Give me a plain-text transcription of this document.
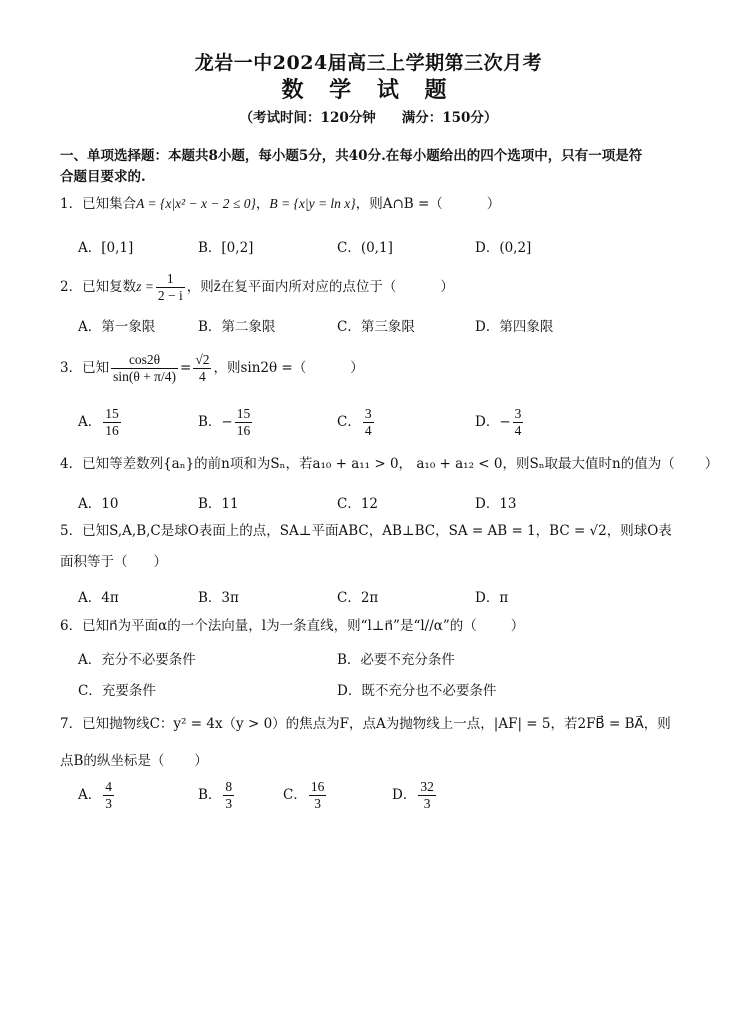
龙岩一中2024届高三上学期第三次月考
数 学 试 题
（考试时间：120分钟 满分：150分）
一、单项选择题：本题共8小题，每小题5分，共40分.在每小题给出的四个选项中，只有一项是符
合题目要求的.
1．已知集合A = {x|x² − x − 2 ≤ 0}，B = {x|y = ln x}，则A∩B =（	）
A．[0,1]	B．[0,2]	C．(0,1]	D．(0,2]
2．已知复数$z = \frac{1}{2 - i}$ ，则z̄在复平面内所对应的点位于（	）
A．第一象限	B．第二象限	C．第三象限	D．第四象限
3．已知 $\frac{\cos 2\theta}{\sin(\theta + \pi/4)} = \frac{√2}{4}$ ，则sin2θ =（	）
A． $\frac{15}{16}$	B．− $\frac{15}{16}$	C． $\frac{3}{4}$	D．− $\frac{3}{4}$
4．已知等差数列{aₙ}的前n项和为Sₙ，若a₁₀ + a₁₁ > 0， a₁₀ + a₁₂ < 0，则Sₙ取最大值时n的值为（ ）
A．10	B．11	C．12	D．13
5．已知S,A,B,C是球O表面上的点，SA⊥平面ABC，AB⊥BC，SA = AB = 1，BC = √2，则球O表
面积等于（ ）
A．4π	B．3π	C．2π	D．π
6．已知n⃗为平面α的一个法向量，l为一条直线，则“l⊥n⃗”是“l//α”的（	）
A．充分不必要条件	B．必要不充分条件
C．充要条件	D．既不充分也不必要条件
7．已知抛物线C：y² = 4x（y > 0）的焦点为F，点A为抛物线上一点，|AF| = 5，若2FB⃗ = BA⃗，则
点B的纵坐标是（ ）
A． $\frac{4}{3}$	B． $\frac{8}{3}$	C． $\frac{16}{3}$	D． $\frac{32}{3}$
